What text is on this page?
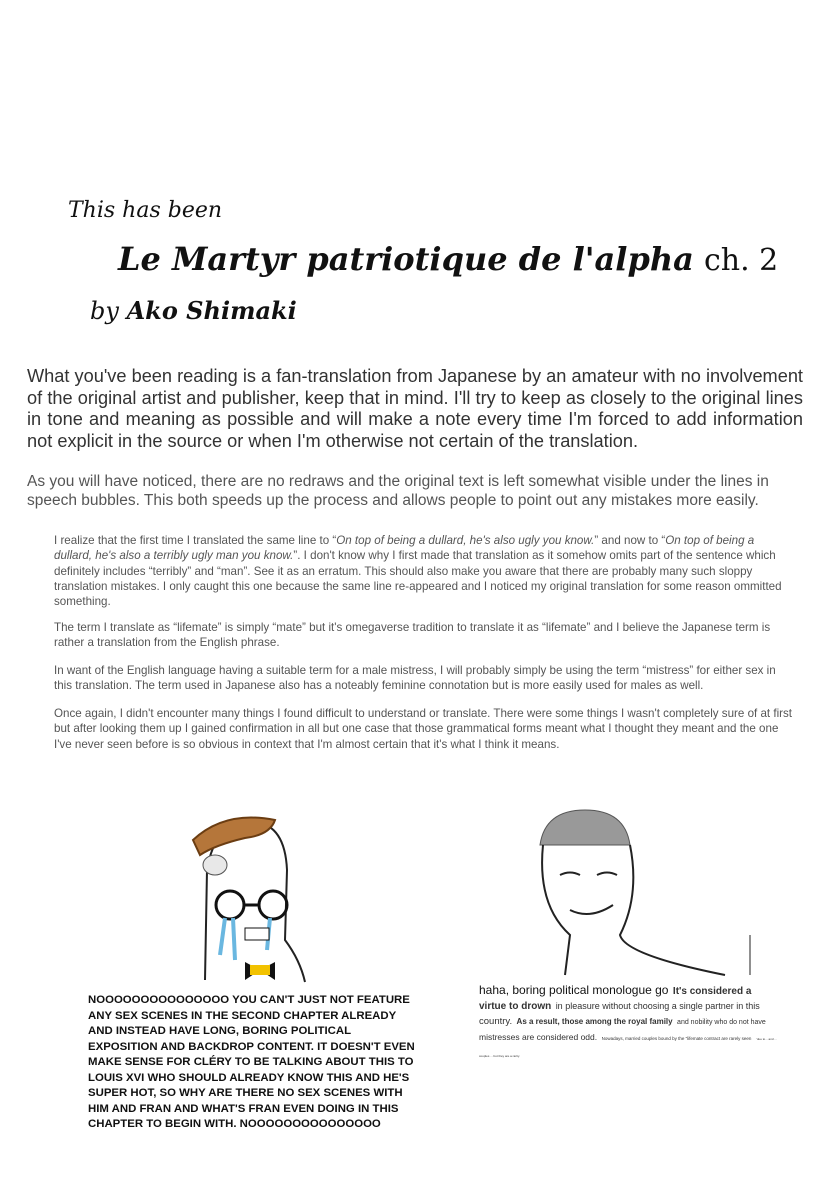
This has been
Le Martyr patriotique de l'alpha ch. 2
by Ako Shimaki
What you've been reading is a fan-translation from Japanese by an amateur with no involvement of the original artist and publisher, keep that in mind. I'll try to keep as closely to the original lines in tone and meaning as possible and will make a note every time I'm forced to add information not explicit in the source or when I'm otherwise not certain of the translation.
As you will have noticed, there are no redraws and the original text is left somewhat visible under the lines in speech bubbles. This both speeds up the process and allows people to point out any mistakes more easily.

I realize that the first time I translated the same line to “On top of being a dullard, he's also ugly you know.” and now to “On top of being a dullard, he's also a terribly ugly man you know.”. I don't know why I first made that translation as it somehow omits part of the sentence which definitely includes “terribly” and “man”. See it as an erratum. This should also make you aware that there are probably many such sloppy translation mistakes. I only caught this one because the same line re-appeared and I noticed my original translation for some reason ommitted something.

The term I translate as “lifemate” is simply “mate” but it's omegaverse tradition to translate it as “lifemate” and I believe the Japanese term is rather a translation from the English phrase.

In want of the English language having a suitable term for a male mistress, I will probably simply be using the term “mistress” for either sex in this translation. The term used in Japanese also has a noteably feminine connotation but is more easily used for males as well.

Once again, I didn't encounter many things I found difficult to understand or translate. There were some things I wasn't completely sure of at first but after looking them up I gained confirmation in all but one case that those grammatical forms meant what I thought they meant and the one I've never seen before is so obvious in context that I'm almost certain that it's what I think it means.

NOOOOOOOOOOOOOOO YOU CAN'T JUST NOT FEATURE ANY SEX SCENES IN THE SECOND CHAPTER ALREADY AND INSTEAD HAVE LONG, BORING POLITICAL EXPOSITION AND BACKDROP CONTENT. IT DOESN'T EVEN MAKE SENSE FOR CLÉRY TO BE TALKING ABOUT THIS TO LOUIS XVI WHO SHOULD ALREADY KNOW THIS AND HE'S SUPER HOT, SO WHY ARE THERE NO SEX SCENES WITH HIM AND FRAN AND WHAT'S FRAN EVEN DOING IN THIS CHAPTER TO BEGIN WITH. NOOOOOOOOOOOOOOO
haha, boring political monologue go It's considered a virtue to drown in pleasure without choosing a single partner in this country. As a result, those among the royal family and nobility who do not have mistresses are considered odd. Nowadays, married couples bound by the “lifemate contract are rarely seen “due to... and ... couples ... but they are a rarity.
